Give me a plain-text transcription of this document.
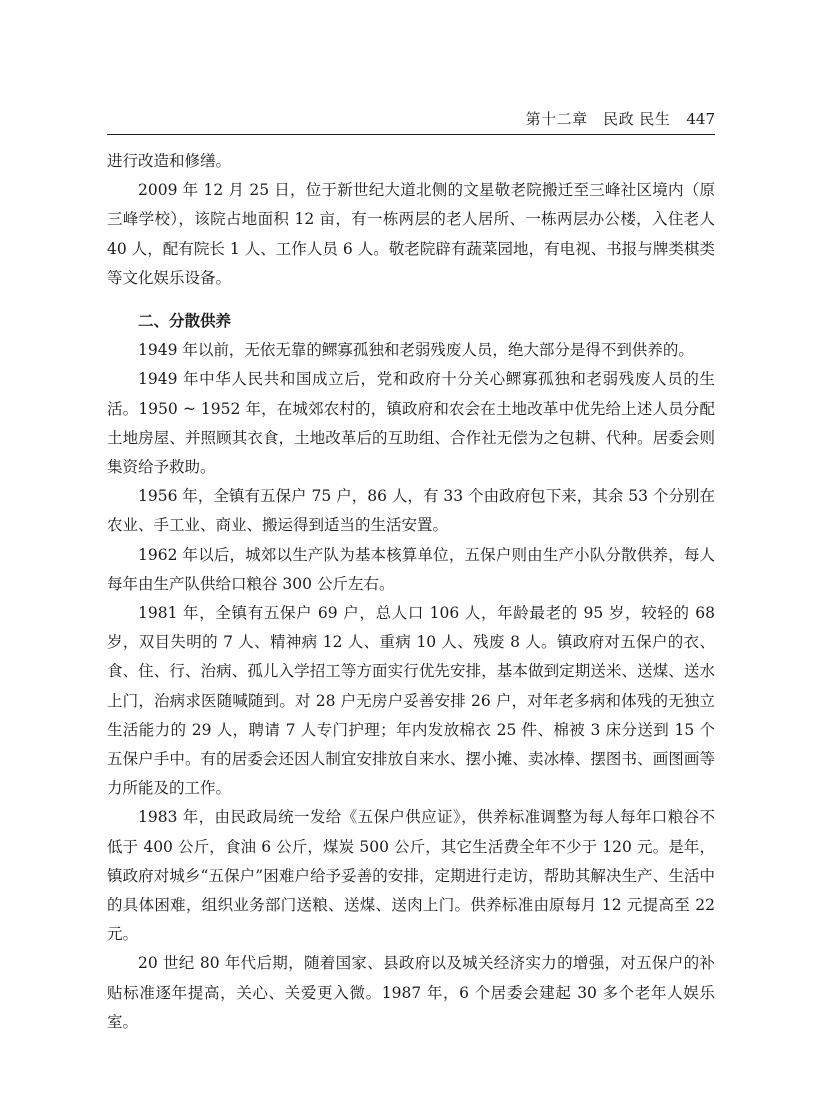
第十二章　民政 民生 447

进行改造和修缮。

2009 年 12 月 25 日，位于新世纪大道北侧的文星敬老院搬迁至三峰社区境内（原三峰学校），该院占地面积 12 亩，有一栋两层的老人居所、一栋两层办公楼，入住老人 40 人，配有院长 1 人、工作人员 6 人。敬老院辟有蔬菜园地，有电视、书报与牌类棋类等文化娱乐设备。

二、分散供养

1949 年以前，无依无靠的鳏寡孤独和老弱残废人员，绝大部分是得不到供养的。

1949 年中华人民共和国成立后，党和政府十分关心鳏寡孤独和老弱残废人员的生活。1950 ~ 1952 年，在城郊农村的，镇政府和农会在土地改革中优先给上述人员分配土地房屋、并照顾其衣食，土地改革后的互助组、合作社无偿为之包耕、代种。居委会则集资给予救助。

1956 年，全镇有五保户 75 户，86 人，有 33 个由政府包下来，其余 53 个分别在农业、手工业、商业、搬运得到适当的生活安置。

1962 年以后，城郊以生产队为基本核算单位，五保户则由生产小队分散供养，每人每年由生产队供给口粮谷 300 公斤左右。

1981 年，全镇有五保户 69 户，总人口 106 人，年龄最老的 95 岁，较轻的 68 岁，双目失明的 7 人、精神病 12 人、重病 10 人、残废 8 人。镇政府对五保户的衣、食、住、行、治病、孤儿入学招工等方面实行优先安排，基本做到定期送米、送煤、送水上门，治病求医随喊随到。对 28 户无房户妥善安排 26 户，对年老多病和体残的无独立生活能力的 29 人，聘请 7 人专门护理；年内发放棉衣 25 件、棉被 3 床分送到 15 个五保户手中。有的居委会还因人制宜安排放自来水、摆小摊、卖冰棒、摆图书、画图画等力所能及的工作。

1983 年，由民政局统一发给《五保户供应证》，供养标准调整为每人每年口粮谷不低于 400 公斤，食油 6 公斤，煤炭 500 公斤，其它生活费全年不少于 120 元。是年，镇政府对城乡“五保户”困难户给予妥善的安排，定期进行走访，帮助其解决生产、生活中的具体困难，组织业务部门送粮、送煤、送肉上门。供养标准由原每月 12 元提高至 22 元。

20 世纪 80 年代后期，随着国家、县政府以及城关经济实力的增强，对五保户的补贴标准逐年提高，关心、关爱更入微。1987 年，6 个居委会建起 30 多个老年人娱乐室。
